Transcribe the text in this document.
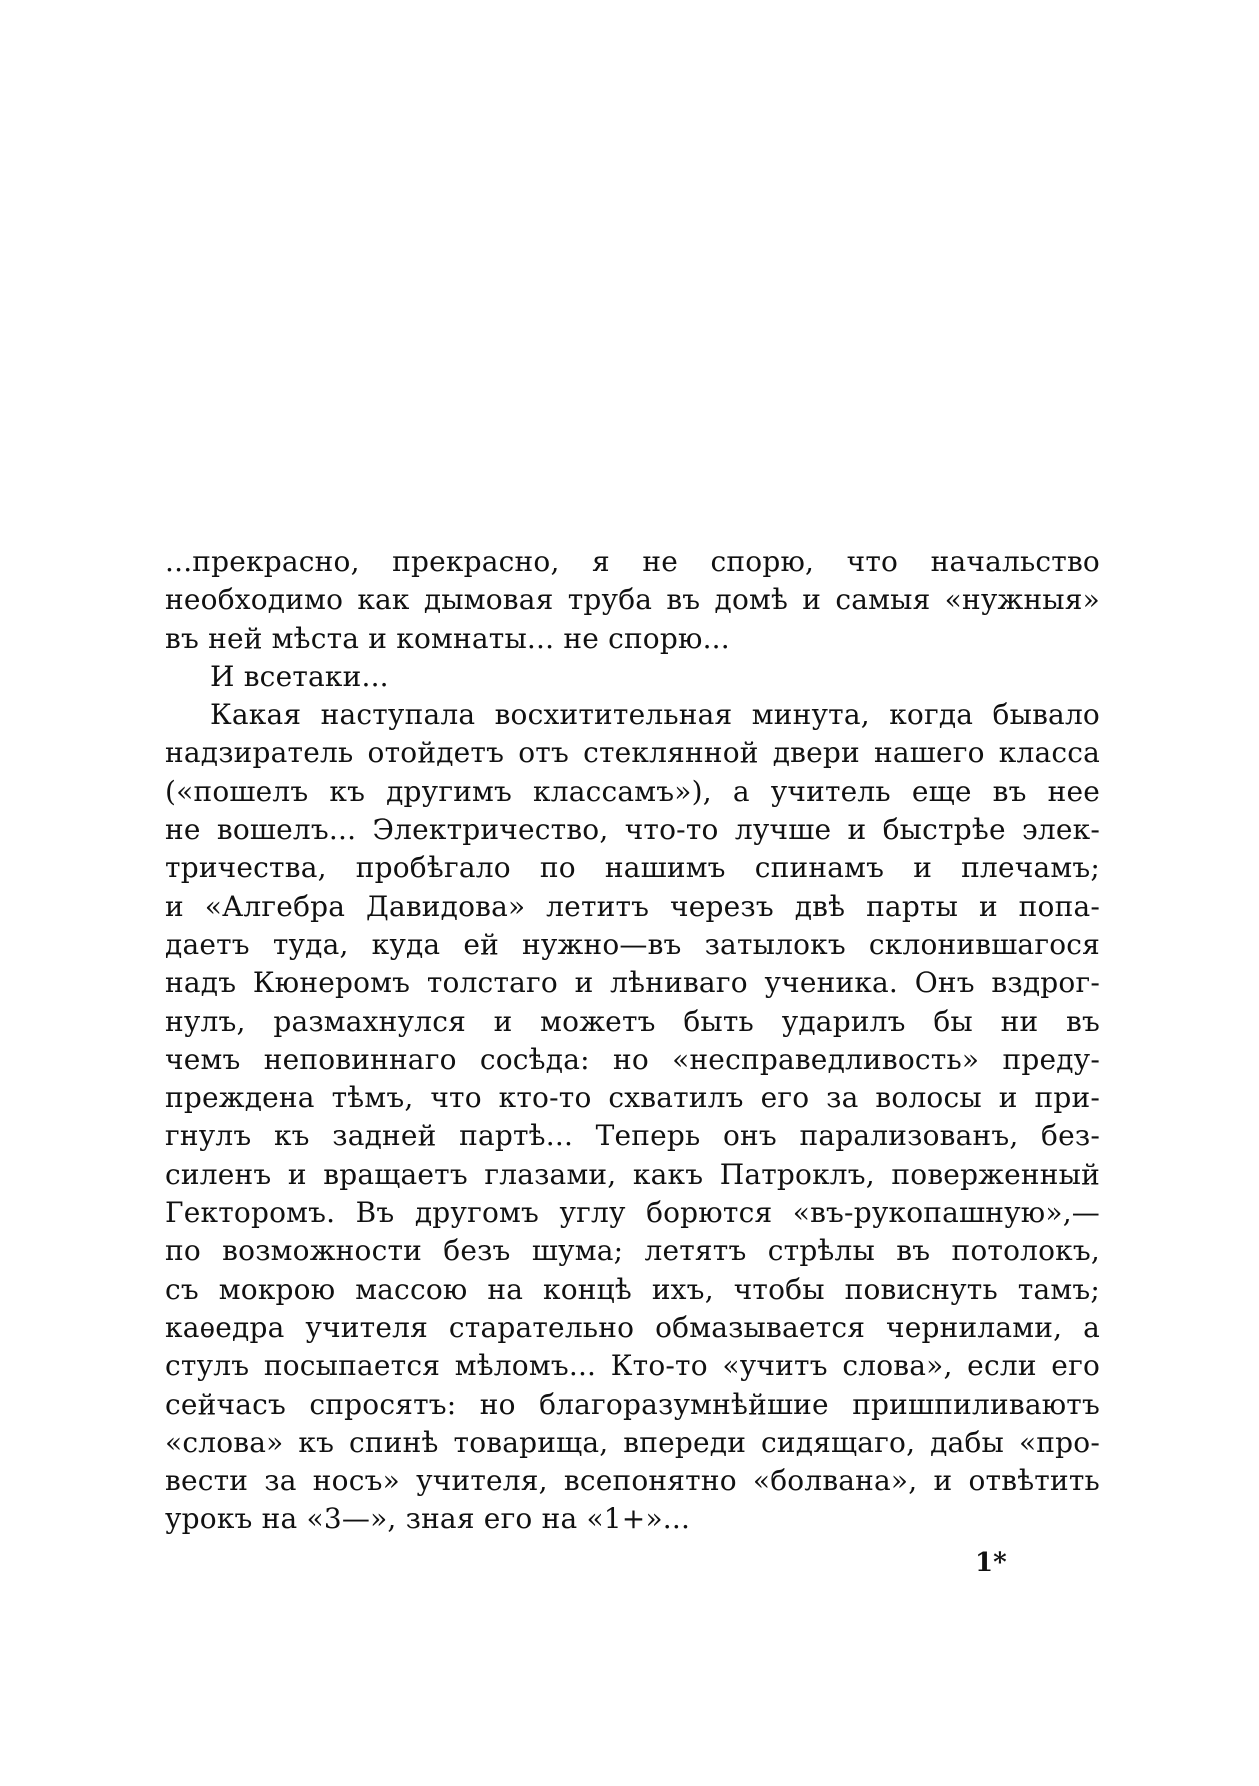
...прекрасно, прекрасно, я не спорю, что начальство
необходимо как дымовая труба въ домѣ и самыя «нужныя»
въ ней мѣста и комнаты... не спорю...
И всетаки...
Какая наступала восхитительная минута, когда бывало
надзиратель отойдетъ отъ стеклянной двери нашего класса
(«пошелъ къ другимъ классамъ»), а учитель еще въ нее
не вошелъ... Электричество, что-то лучше и быстрѣе элек-
тричества, пробѣгало по нашимъ спинамъ и плечамъ;
и «Алгебра Давидова» летитъ черезъ двѣ парты и попа-
даетъ туда, куда ей нужно—въ затылокъ склонившагося
надъ Кюнеромъ толстаго и лѣниваго ученика. Онъ вздрог-
нулъ, размахнулся и можетъ быть ударилъ бы ни въ
чемъ неповиннаго сосѣда: но «несправедливость» преду-
преждена тѣмъ, что кто-то схватилъ его за волосы и при-
гнулъ къ задней партѣ... Теперь онъ парализованъ, без-
силенъ и вращаетъ глазами, какъ Патроклъ, поверженный
Гекторомъ. Въ другомъ углу борются «въ-рукопашную»,—
по возможности безъ шума; летятъ стрѣлы въ потолокъ,
съ мокрою массою на концѣ ихъ, чтобы повиснуть тамъ;
каѳедра учителя старательно обмазывается чернилами, а
стулъ посыпается мѣломъ... Кто-то «учитъ слова», если его
сейчасъ спросятъ: но благоразумнѣйшие пришпиливаютъ
«слова» къ спинѣ товарища, впереди сидящаго, дабы «про-
вести за носъ» учителя, всепонятно «болвана», и отвѣтить
урокъ на «3—», зная его на «1+»...
1*
